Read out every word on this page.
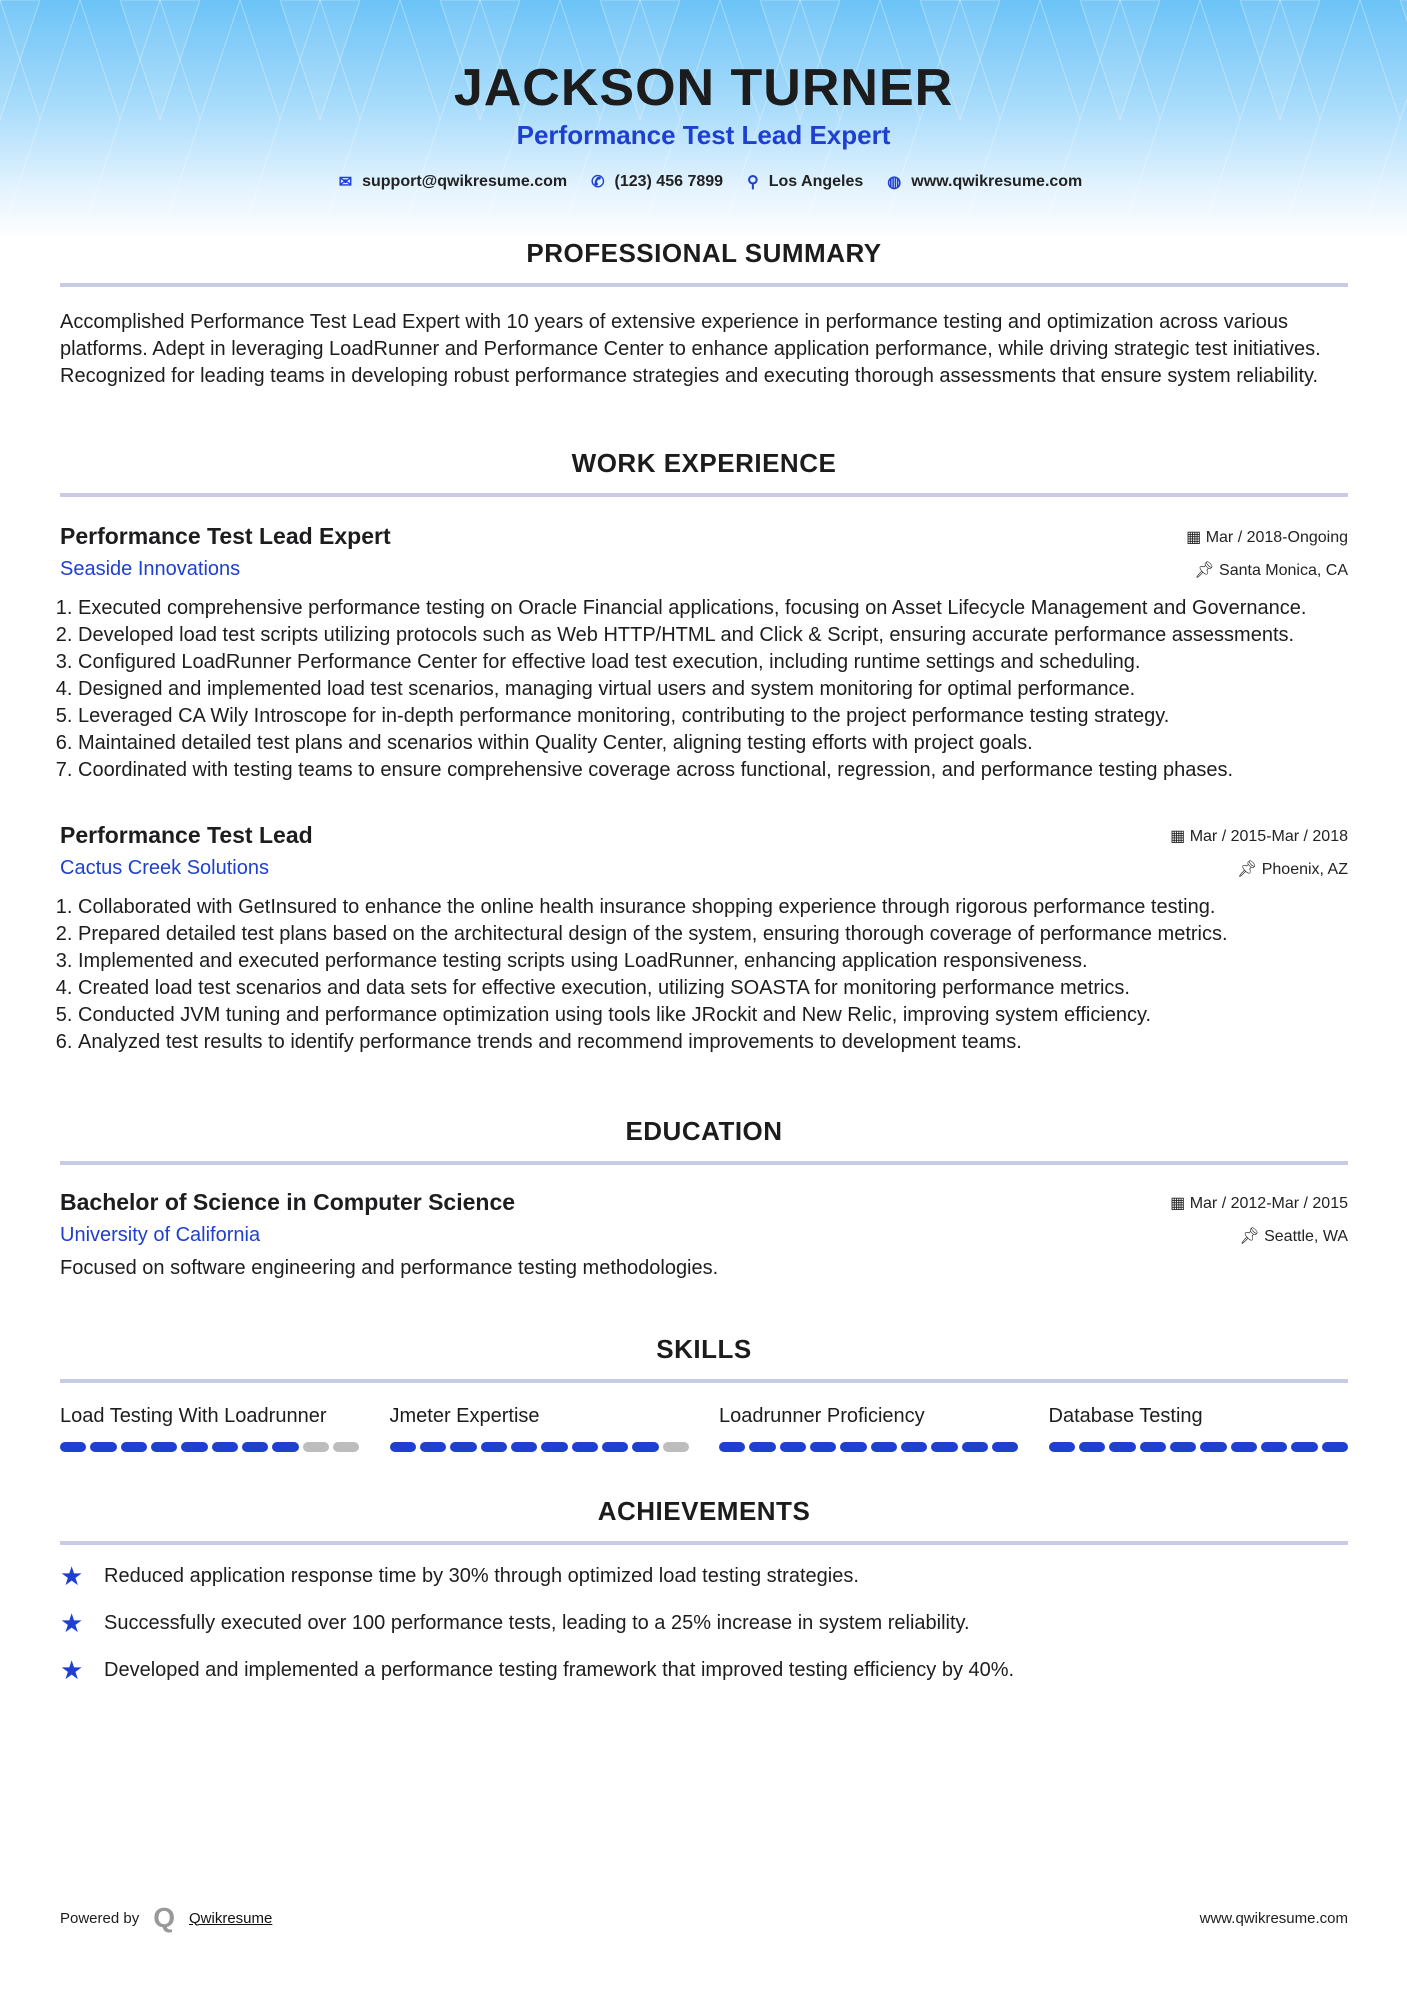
JACKSON TURNER
Performance Test Lead Expert
✉ support@qwikresume.com ✆ (123) 456 7899 ⚲ Los Angeles ◍ www.qwikresume.com
PROFESSIONAL SUMMARY

Accomplished Performance Test Lead Expert with 10 years of extensive experience in performance testing and optimization across various platforms. Adept in leveraging LoadRunner and Performance Center to enhance application performance, while driving strategic test initiatives. Recognized for leading teams in developing robust performance strategies and executing thorough assessments that ensure system reliability.

WORK EXPERIENCE
Performance Test Lead Expert	▦ Mar / 2018-Ongoing
Seaside Innovations	📌︎ Santa Monica, CA
1. Executed comprehensive performance testing on Oracle Financial applications, focusing on Asset Lifecycle Management and Governance.
2. Developed load test scripts utilizing protocols such as Web HTTP/HTML and Click & Script, ensuring accurate performance assessments.
3. Configured LoadRunner Performance Center for effective load test execution, including runtime settings and scheduling.
4. Designed and implemented load test scenarios, managing virtual users and system monitoring for optimal performance.
5. Leveraged CA Wily Introscope for in-depth performance monitoring, contributing to the project performance testing strategy.
6. Maintained detailed test plans and scenarios within Quality Center, aligning testing efforts with project goals.
7. Coordinated with testing teams to ensure comprehensive coverage across functional, regression, and performance testing phases.
Performance Test Lead	▦ Mar / 2015-Mar / 2018
Cactus Creek Solutions	📌︎ Phoenix, AZ
1. Collaborated with GetInsured to enhance the online health insurance shopping experience through rigorous performance testing.
2. Prepared detailed test plans based on the architectural design of the system, ensuring thorough coverage of performance metrics.
3. Implemented and executed performance testing scripts using LoadRunner, enhancing application responsiveness.
4. Created load test scenarios and data sets for effective execution, utilizing SOASTA for monitoring performance metrics.
5. Conducted JVM tuning and performance optimization using tools like JRockit and New Relic, improving system efficiency.
6. Analyzed test results to identify performance trends and recommend improvements to development teams.
EDUCATION
Bachelor of Science in Computer Science	▦ Mar / 2012-Mar / 2015
University of California	📌︎ Seattle, WA

Focused on software engineering and performance testing methodologies.

SKILLS
Load Testing With Loadrunner	Jmeter Expertise	Loadrunner Proficiency	Database Testing
ACHIEVEMENTS
★	Reduced application response time by 30% through optimized load testing strategies.
★	Successfully executed over 100 performance tests, leading to a 25% increase in system reliability.
★	Developed and implemented a performance testing framework that improved testing efficiency by 40%.
Powered by Q Qwikresume	www.qwikresume.com
